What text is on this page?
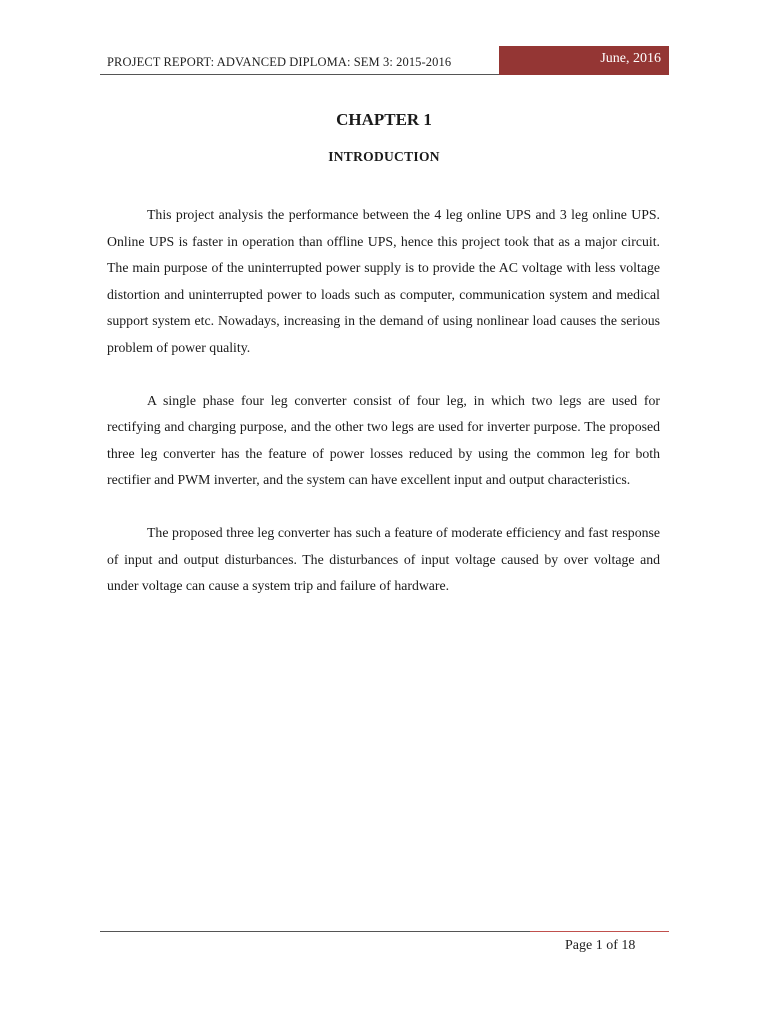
PROJECT REPORT: ADVANCED DIPLOMA: SEM 3: 2015-2016	June, 2016
CHAPTER 1
INTRODUCTION

This project analysis the performance between the 4 leg online UPS and 3 leg online UPS. Online UPS is faster in operation than offline UPS, hence this project took that as a major circuit. The main purpose of the uninterrupted power supply is to provide the AC voltage with less voltage distortion and uninterrupted power to loads such as computer, communication system and medical support system etc. Nowadays, increasing in the demand of using nonlinear load causes the serious problem of power quality.

A single phase four leg converter consist of four leg, in which two legs are used for rectifying and charging purpose, and the other two legs are used for inverter purpose. The proposed three leg converter has the feature of power losses reduced by using the common leg for both rectifier and PWM inverter, and the system can have excellent input and output characteristics.

The proposed three leg converter has such a feature of moderate efficiency and fast response of input and output disturbances. The disturbances of input voltage caused by over voltage and under voltage can cause a system trip and failure of hardware.

Page 1 of 18
